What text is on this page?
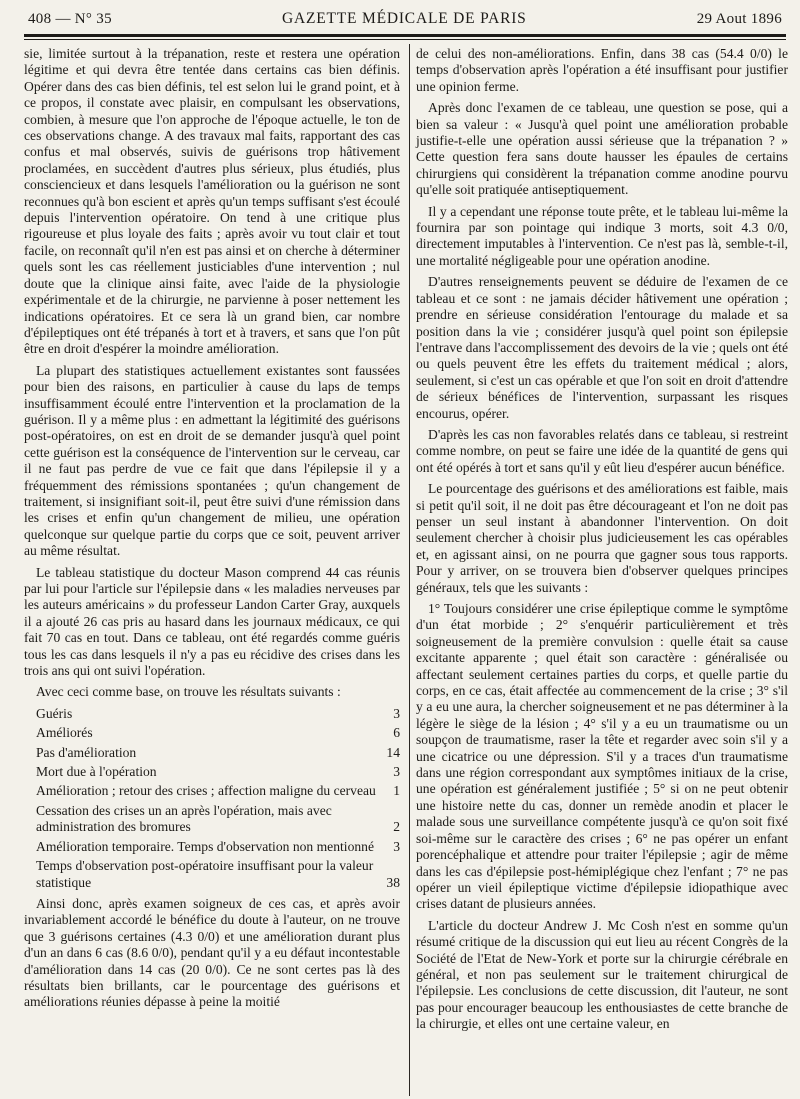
408 — N° 35	GAZETTE MÉDICALE DE PARIS	29 Aout 1896

sie, limitée surtout à la trépanation, reste et restera une opération légitime et qui devra être tentée dans certains cas bien définis. Opérer dans des cas bien définis, tel est selon lui le grand point, et à ce propos, il constate avec plaisir, en compulsant les observations, combien, à mesure que l'on approche de l'époque actuelle, le ton de ces observations change. A des travaux mal faits, rapportant des cas confus et mal observés, suivis de guérisons trop hâtivement proclamées, en succèdent d'autres plus sérieux, plus étudiés, plus consciencieux et dans lesquels l'amélioration ou la guérison ne sont reconnues qu'à bon escient et après qu'un temps suffisant s'est écoulé depuis l'intervention opératoire. On tend à une critique plus rigoureuse et plus loyale des faits ; après avoir vu tout clair et tout facile, on reconnaît qu'il n'en est pas ainsi et on cherche à déterminer quels sont les cas réellement justiciables d'une intervention ; nul doute que la clinique ainsi faite, avec l'aide de la physiologie expérimentale et de la chirurgie, ne parvienne à poser nettement les indications opératoires. Et ce sera là un grand bien, car nombre d'épileptiques ont été trépanés à tort et à travers, et sans que l'on pût être en droit d'espérer la moindre amélioration.

La plupart des statistiques actuellement existantes sont faussées pour bien des raisons, en particulier à cause du laps de temps insuffisamment écoulé entre l'intervention et la proclamation de la guérison. Il y a même plus : en admettant la légitimité des guérisons post-opératoires, on est en droit de se demander jusqu'à quel point cette guérison est la conséquence de l'intervention sur le cerveau, car il ne faut pas perdre de vue ce fait que dans l'épilepsie il y a fréquemment des rémissions spontanées ; qu'un changement de traitement, si insignifiant soit-il, peut être suivi d'une rémission dans les crises et enfin qu'un changement de milieu, une opération quelconque sur quelque partie du corps que ce soit, peuvent arriver au même résultat.

Le tableau statistique du docteur Mason comprend 44 cas réunis par lui pour l'article sur l'épilepsie dans « les maladies nerveuses par les auteurs américains » du professeur Landon Carter Gray, auxquels il a ajouté 26 cas pris au hasard dans les journaux médicaux, ce qui fait 70 cas en tout. Dans ce tableau, ont été regardés comme guéris tous les cas dans lesquels il n'y a pas eu récidive des crises dans les trois ans qui ont suivi l'opération.

Avec ceci comme base, on trouve les résultats suivants :

Guéris	3
Améliorés	6
Pas d'amélioration	14
Mort due à l'opération	3
Amélioration ; retour des crises ; affection maligne du cerveau	1
Cessation des crises un an après l'opération, mais avec administration des bromures	2
Amélioration temporaire. Temps d'observation non mentionné	3
Temps d'observation post-opératoire insuffisant pour la valeur statistique	38

Ainsi donc, après examen soigneux de ces cas, et après avoir invariablement accordé le bénéfice du doute à l'auteur, on ne trouve que 3 guérisons certaines (4.3 0/0) et une amélioration durant plus d'un an dans 6 cas (8.6 0/0), pendant qu'il y a eu défaut incontestable d'amélioration dans 14 cas (20 0/0). Ce ne sont certes pas là des résultats bien brillants, car le pourcentage des guérisons et améliorations réunies dépasse à peine la moitié

de celui des non-améliorations. Enfin, dans 38 cas (54.4 0/0) le temps d'observation après l'opération a été insuffisant pour justifier une opinion ferme.

Après donc l'examen de ce tableau, une question se pose, qui a bien sa valeur : « Jusqu'à quel point une amélioration probable justifie-t-elle une opération aussi sérieuse que la trépanation ? » Cette question fera sans doute hausser les épaules de certains chirurgiens qui considèrent la trépanation comme anodine pourvu qu'elle soit pratiquée antiseptiquement.

Il y a cependant une réponse toute prête, et le tableau lui-même la fournira par son pointage qui indique 3 morts, soit 4.3 0/0, directement imputables à l'intervention. Ce n'est pas là, semble-t-il, une mortalité négligeable pour une opération anodine.

D'autres renseignements peuvent se déduire de l'examen de ce tableau et ce sont : ne jamais décider hâtivement une opération ; prendre en sérieuse considération l'entourage du malade et sa position dans la vie ; considérer jusqu'à quel point son épilepsie l'entrave dans l'accomplissement des devoirs de la vie ; quels ont été ou quels peuvent être les effets du traitement médical ; alors, seulement, si c'est un cas opérable et que l'on soit en droit d'attendre de sérieux bénéfices de l'intervention, surpassant les risques encourus, opérer.

D'après les cas non favorables relatés dans ce tableau, si restreint comme nombre, on peut se faire une idée de la quantité de gens qui ont été opérés à tort et sans qu'il y eût lieu d'espérer aucun bénéfice.

Le pourcentage des guérisons et des améliorations est faible, mais si petit qu'il soit, il ne doit pas être décourageant et l'on ne doit pas penser un seul instant à abandonner l'intervention. On doit seulement chercher à choisir plus judicieusement les cas opérables et, en agissant ainsi, on ne pourra que gagner sous tous rapports. Pour y arriver, on se trouvera bien d'observer quelques principes généraux, tels que les suivants :

1° Toujours considérer une crise épileptique comme le symptôme d'un état morbide ; 2° s'enquérir particulièrement et très soigneusement de la première convulsion : quelle était sa cause excitante apparente ; quel était son caractère : généralisée ou affectant seulement certaines parties du corps, et quelle partie du corps, en ce cas, était affectée au commencement de la crise ; 3° s'il y a eu une aura, la chercher soigneusement et ne pas déterminer à la légère le siège de la lésion ; 4° s'il y a eu un traumatisme ou un soupçon de traumatisme, raser la tête et regarder avec soin s'il y a une cicatrice ou une dépression. S'il y a traces d'un traumatisme dans une région correspondant aux symptômes initiaux de la crise, une opération est généralement justifiée ; 5° si on ne peut obtenir une histoire nette du cas, donner un remède anodin et placer le malade sous une surveillance compétente jusqu'à ce qu'on soit fixé soi-même sur le caractère des crises ; 6° ne pas opérer un enfant porencéphalique et attendre pour traiter l'épilepsie ; agir de même dans les cas d'épilepsie post-hémiplégique chez l'enfant ; 7° ne pas opérer un vieil épileptique victime d'épilepsie idiopathique avec crises datant de plusieurs années.

L'article du docteur Andrew J. Mc Cosh n'est en somme qu'un résumé critique de la discussion qui eut lieu au récent Congrès de la Société de l'Etat de New-York et porte sur la chirurgie cérébrale en général, et non pas seulement sur le traitement chirurgical de l'épilepsie. Les conclusions de cette discussion, dit l'auteur, ne sont pas pour encourager beaucoup les enthousiastes de cette branche de la chirurgie, et elles ont une certaine valeur, en
